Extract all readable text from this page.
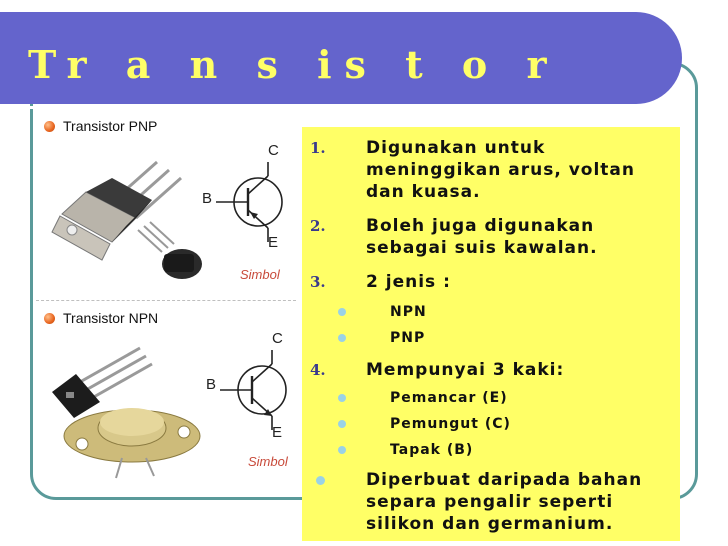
Tr a n s is t o r
Transistor PNP
C
B
E
Simbol
Transistor NPN
C
B
E
Simbol
1. Digunakan untuk
meninggikan arus, voltan
dan kuasa.
2. Boleh juga digunakan
sebagai suis kawalan.
3. 2 jenis :
NPN
PNP
4. Mempunyai 3 kaki:
Pemancar (E)
Pemungut (C)
Tapak (B)
Diperbuat daripada bahan
separa pengalir seperti
silikon dan germanium.
